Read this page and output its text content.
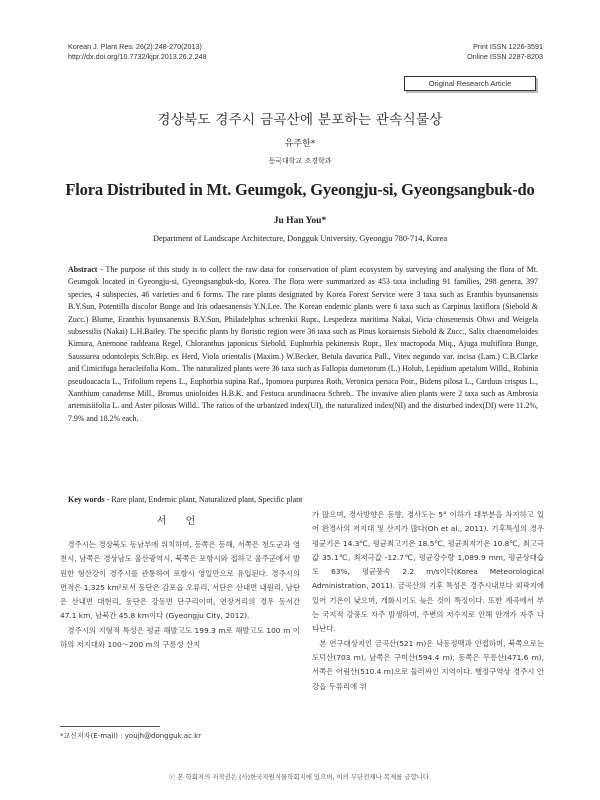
Korean J. Plant Res. 26(2):248-270(2013)
http://dx.doi.org/10.7732/kjpr.2013.26.2.248
Print ISSN 1226-3591
Online ISSN 2287-8203
Original Research Article
경상북도 경주시 금곡산에 분포하는 관속식물상
유주한*
동국대학교 조경학과
Flora Distributed in Mt. Geumgok, Gyeongju-si, Gyeongsangbuk-do
Ju Han You*
Department of Landscape Architecture, Dongguk University, Gyeongju 780-714, Korea
Abstract - The purpose of this study is to collect the raw data for conservation of plant ecosystem by surveying and analysing the flora of Mt. Geumgok located in Gyeongju-si, Gyeongsangbuk-do, Korea. The flora were summarized as 453 taxa including 91 families, 298 genera, 397 species, 4 subspecies, 46 varieties and 6 forms. The rare plants designated by Korea Forest Service were 3 taxa such as Eranthis byunsanensis B.Y.Sun, Potentilla discolor Bunge and Iris odaesanensis Y.N.Lee. The Korean endemic plants were 6 taxa such as Carpinus laxiflora (Siebold & Zucc.) Blume, Eranthis byunsanensis B.Y.Sun, Philadelphus schrenkii Rupr., Lespedeza maritima Nakai, Vicia chosenensis Ohwi and Weigela subsessilis (Nakai) L.H.Bailey. The specific plants by floristic region were 36 taxa such as Pinus koraiensis Siebold & Zucc., Salix chaenomeloides Kimura, Anemone raddeana Regel, Chloranthus japonicus Siebold, Euphorbia pekinensis Rupr., Ilex macropoda Miq., Ajuga multiflora Bunge, Saussurea odontolepis Sch.Bip. ex Herd, Viola orientalis (Maxim.) W.Becker, Betula davurica Pall., Vitex negundo var. incisa (Lam.) C.B.Clarke and Cimicifuga heracleifolia Kom.. The naturalized plants were 36 taxa such as Fallopia dumetorum (L.) Holub, Lepidium apetalum Willd., Robinia pseudoacacia L., Trifolium repens L., Euphorbia supina Raf., Ipomoea purpurea Roth, Veronica persica Poir., Bidens pilosa L., Carduus crispus L., Xanthium canadense Mill., Bromus unioloides H.B.K. and Festuca arundinacea Schreb.. The invasive alien plants were 2 taxa such as Ambrosia artemisiifolia L. and Aster pilosus Willd.. The ratios of the urbanized index(UI), the naturalized index(NI) and the disturbed index(DI) were 11.2%, 7.9% and 18.2% each.
Key words - Rare plant, Endemic plant, Naturalized plant, Specific plant
서 언

경주시는 경상북도 동남부에 위치하며, 동쪽은 동해, 서쪽은 청도군과 영천시, 남쪽은 경상남도 울산광역시, 북쪽은 포항시와 접하고 울주군에서 발원한 형산강이 경주시를 관통하여 포항시 영일만으로 유입된다. 경주시의 면적은 1,325 km²로서 동단은 감포읍 오류리, 서단은 산내면 내원리, 남단은 산내면 대현리, 동단은 강동면 단구리이며, 연장거리의 경우 동서간 47.1 km, 남북간 45.8 km이다 (Gyeongju City, 2012).

경주시의 지형적 특성은 평균 해발고도 199.3 m로 해발고도 100 m 이하의 저지대와 100～200 m의 구릉성 산지

가 많으며, 경사방향은 동향, 경사도는 5° 이하가 대부분을 차지하고 있어 완경사의 저지대 및 산지가 많다(Oh et al., 2011). 기후특성의 경우 평균기온 14.3℃, 평균최고기온 18.5℃, 평균최저기온 10.8℃, 최고극값 35.1℃, 최저극값 -12.7℃, 평균강수량 1,089.9 mm, 평균상대습도 63%, 평균풍속 2.2 m/s이다(Korea Meteorological Administration, 2011). 금곡산의 기후 특성은 경주시내보다 외곽지에 있어 기온이 낮으며, 개화시기도 늦은 것이 특징이다. 또한 계곡에서 부는 국지적 강풍도 자주 발생하며, 주변의 저수지로 인해 안개가 자주 나타난다.

본 연구대상지인 금곡산(521 m)은 낙동정맥과 인접하며, 북쪽으로는 도덕산(703 m), 남쪽은 구미산(594.4 m), 동쪽은 무릉산(471.6 m), 서쪽은 어림산(510.4 m)으로 둘러싸인 지역이다. 행정구역상 경주시 안강읍 두류리에 위

*교신저자(E-mail) : youjh@dongguk.ac.kr
ⓒ 본 학회지의 저작권은 (사)한국자원식물학회지에 있으며, 이의 무단전재나 복제를 금합니다.
